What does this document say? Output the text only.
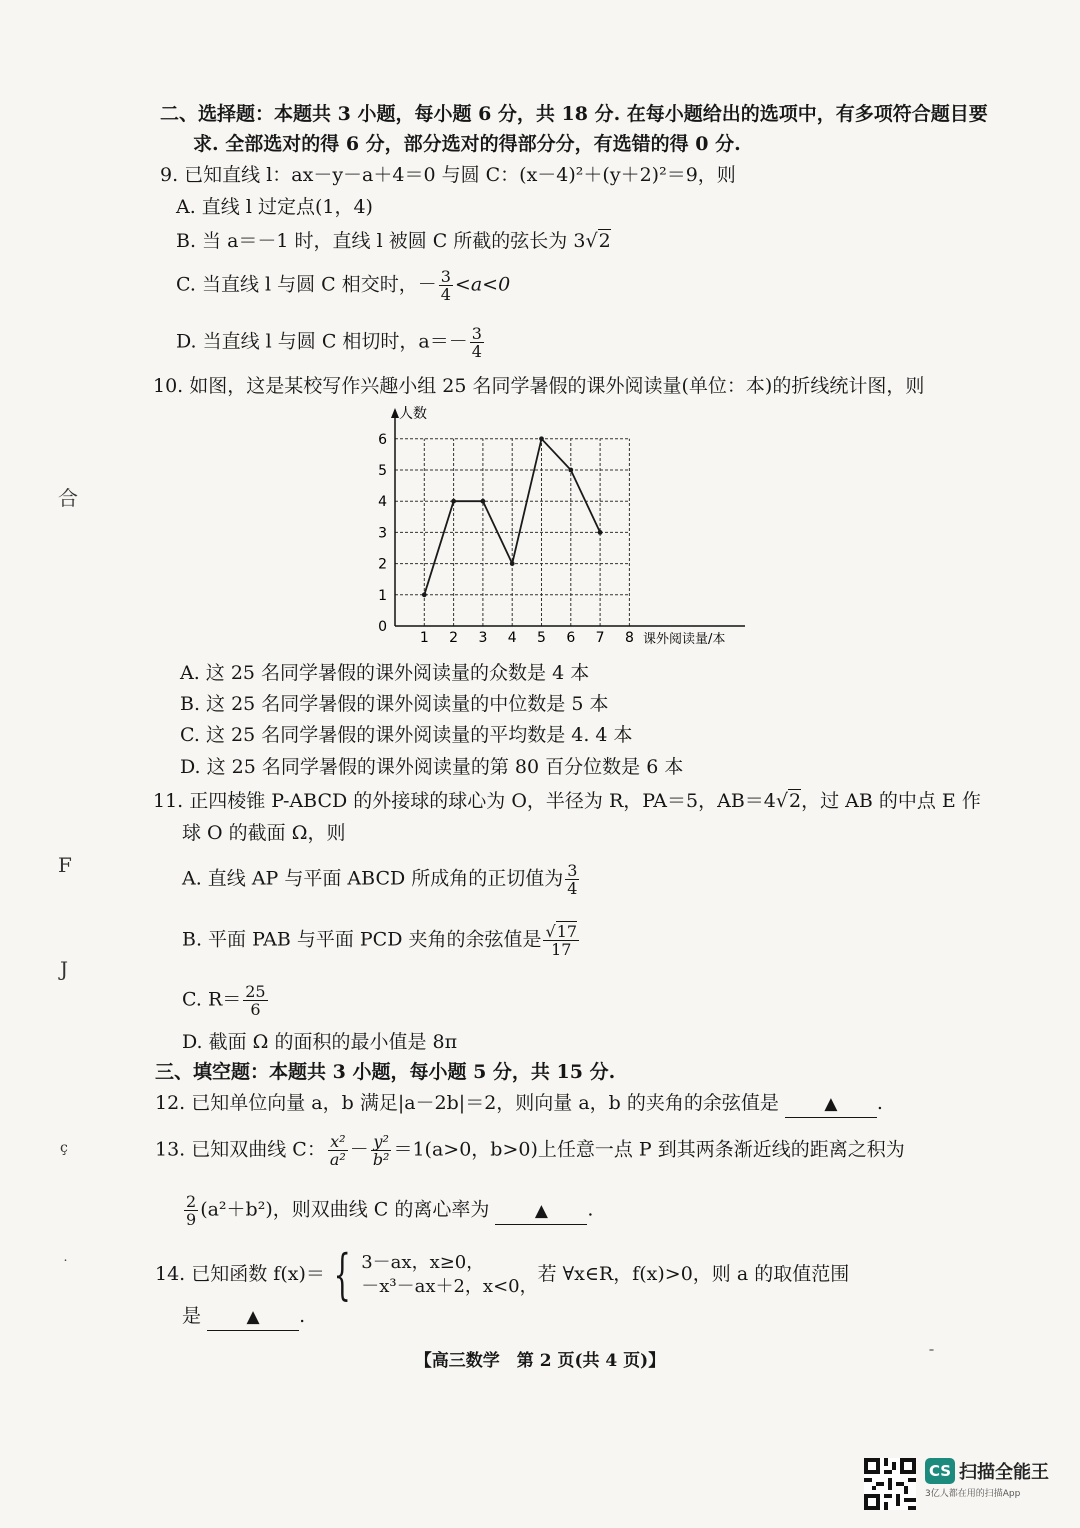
二、选择题：本题共 3 小题，每小题 6 分，共 18 分. 在每小题给出的选项中，有多项符合题目要
求. 全部选对的得 6 分，部分选对的得部分分，有选错的得 0 分.
9. 已知直线 l：ax－y－a＋4＝0 与圆 C：(x－4)²＋(y＋2)²＝9，则
A. 直线 l 过定点(1，4)
B. 当 a＝－1 时，直线 l 被圆 C 所截的弦长为 3√2
C. 当直线 l 与圆 C 相交时，－ $\frac{3}{4} <a<0$
D. 当直线 l 与圆 C 相切时，$a=- \frac{3}{4}$
10. 如图，这是某校写作兴趣小组 25 名同学暑假的课外阅读量(单位：本)的折线统计图，则
0
1
2
3
4
5
6
1 2 3 4 5 6 7 8
人数
课外阅读量/本
A. 这 25 名同学暑假的课外阅读量的众数是 4 本
B. 这 25 名同学暑假的课外阅读量的中位数是 5 本
C. 这 25 名同学暑假的课外阅读量的平均数是 4. 4 本
D. 这 25 名同学暑假的课外阅读量的第 80 百分位数是 6 本
11. 正四棱锥 P-ABCD 的外接球的球心为 O，半径为 R，PA＝5，AB＝4√2，过 AB 的中点 E 作
球 O 的截面 Ω，则
A. 直线 AP 与平面 ABCD 所成角的正切值为 $\frac{3}{4}$
B. 平面 PAB 与平面 PCD 夹角的余弦值是 $\frac{√17}{17}$
C. $R= \frac{25}{6}$
D. 截面 Ω 的面积的最小值是 8π
三、填空题：本题共 3 小题，每小题 5 分，共 15 分.
12. 已知单位向量 a，b 满足|a－2b|＝2，则向量 a，b 的夹角的余弦值是	▲ .
13. 已知双曲线 C： $\frac{\text{x²}}{\text{a²}} - \frac{\text{y²}}{\text{b²}} =1(a>0$，b>0)上任意一点 P 到其两条渐近线的距离之积为
$\frac{2}{9} (a^2+b^2)$，则双曲线 C 的离心率为	▲ .
14. 已知函数 f(x)＝ { 3－ax，x≥0，
－x³－ax＋2，x<0，
若 ∀x∈R，f(x)>0，则 a 的取值范围
是	▲ .
【高三数学　第 2 页(共 4 页)】
合
F
J
ç
˙
¯
CS 扫描全能王
3亿人都在用的扫描App
